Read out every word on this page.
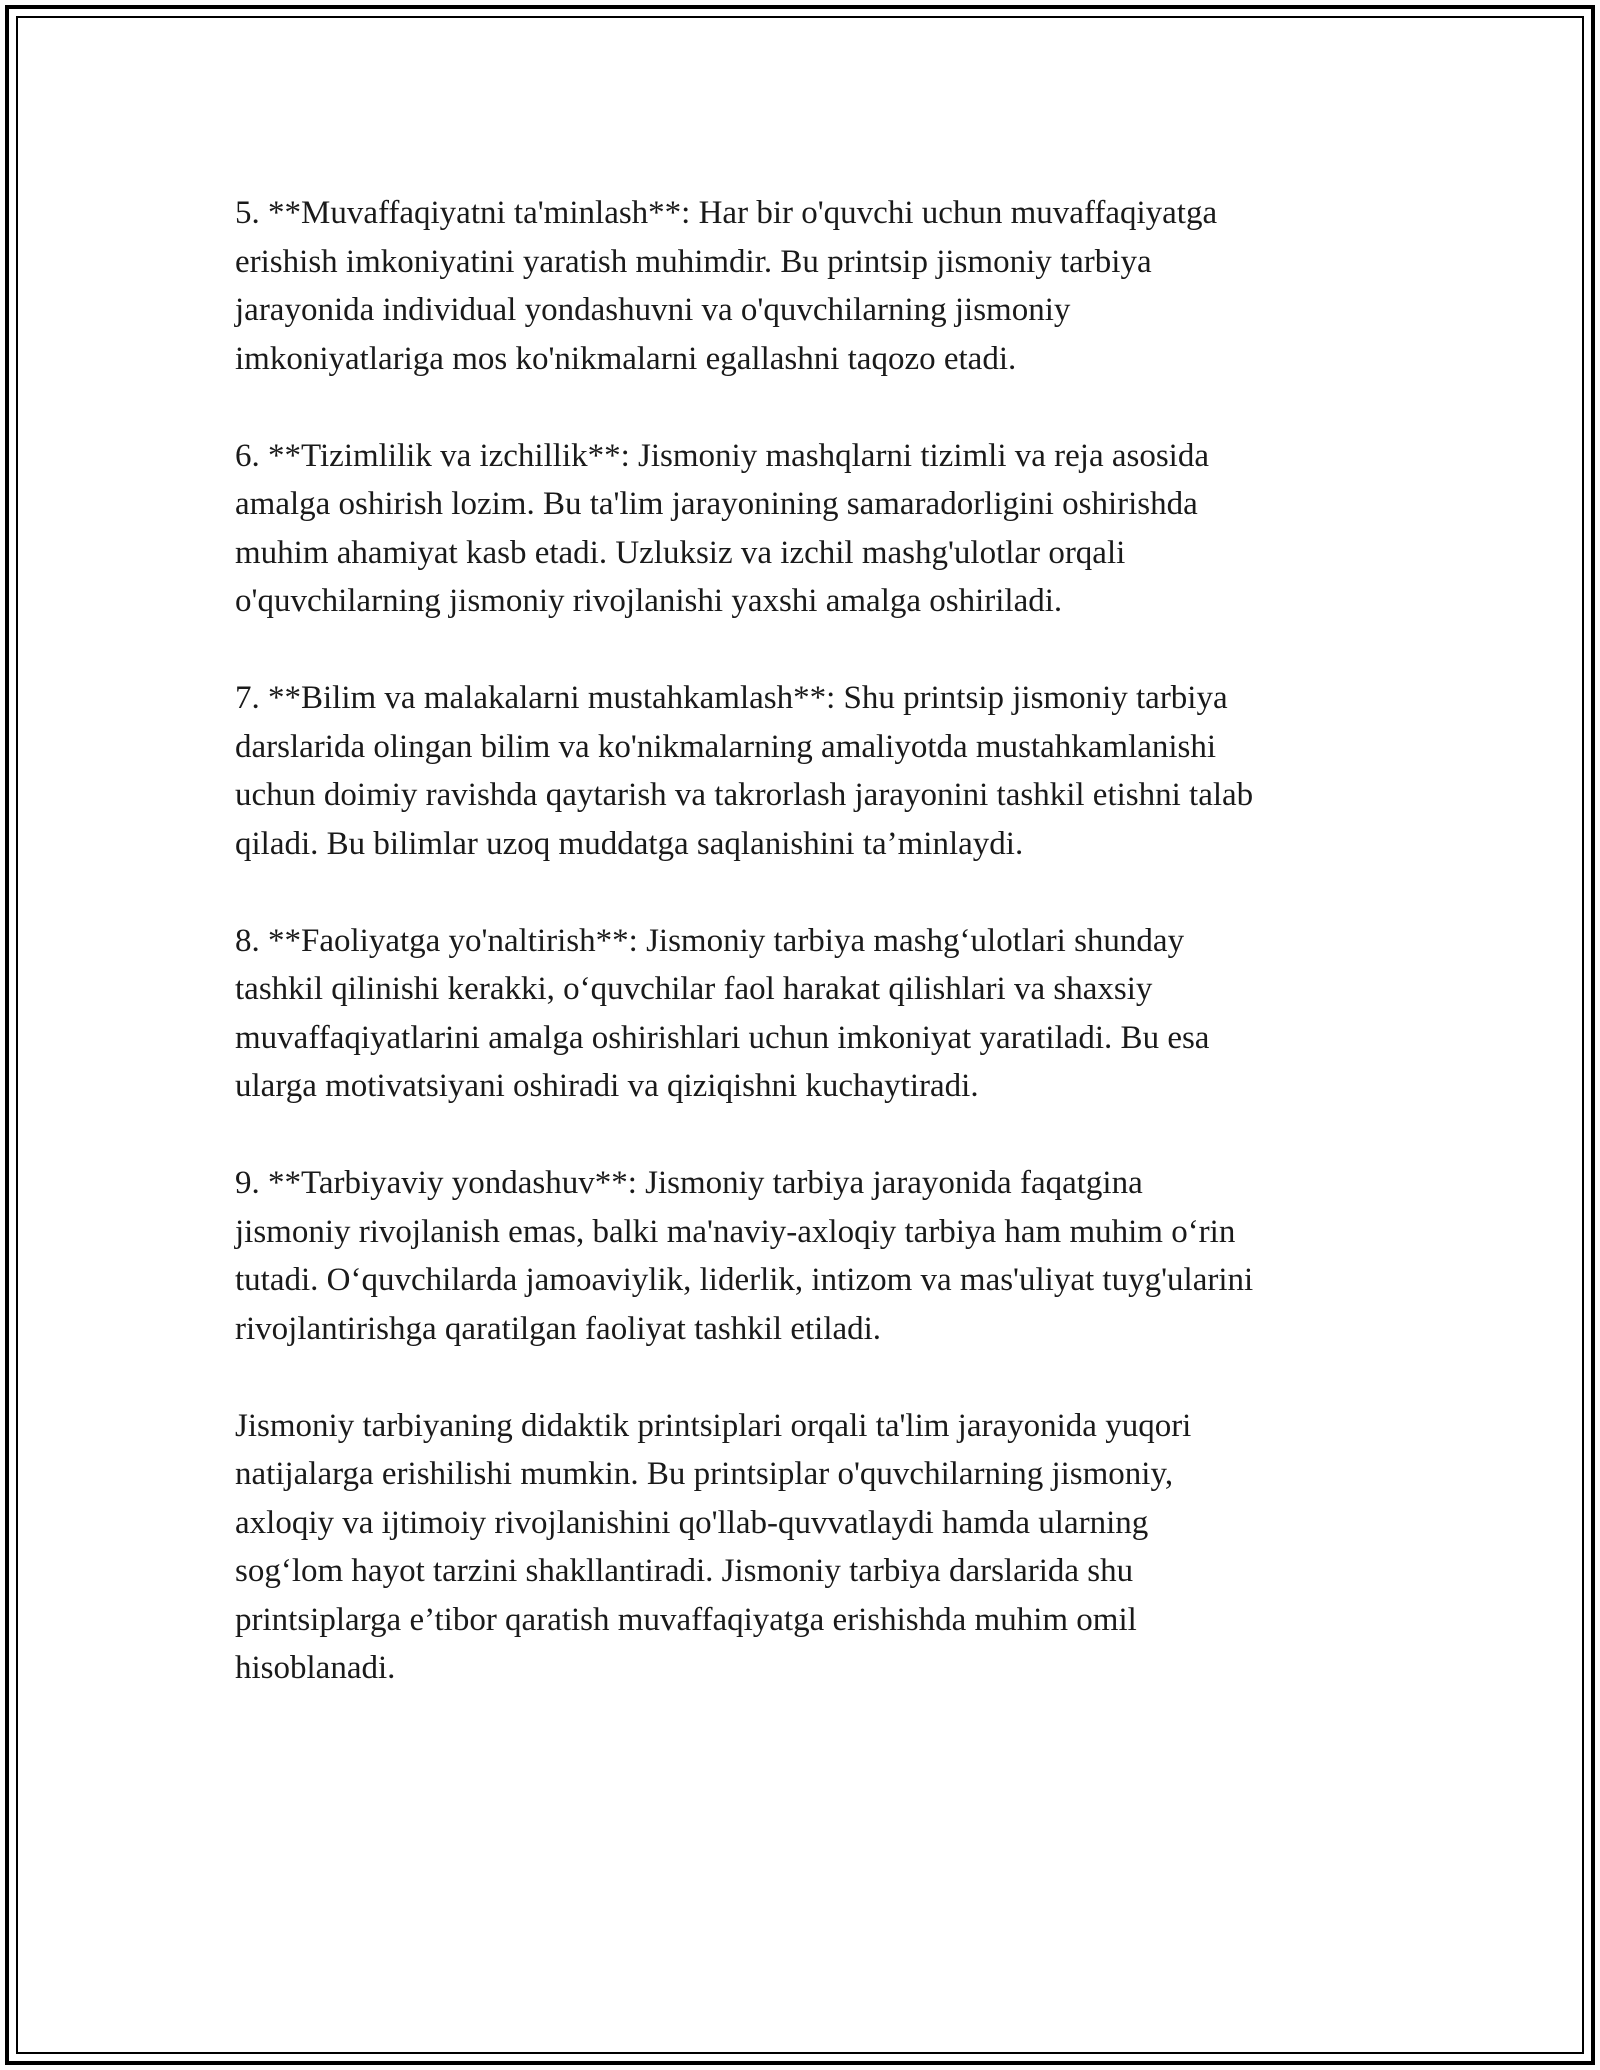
5. **Muvaffaqiyatni ta'minlash**: Har bir o'quvchi uchun muvaffaqiyatga
erishish imkoniyatini yaratish muhimdir. Bu printsip jismoniy tarbiya
jarayonida individual yondashuvni va o'quvchilarning jismoniy
imkoniyatlariga mos ko'nikmalarni egallashni taqozo etadi.

6. **Tizimlilik va izchillik**: Jismoniy mashqlarni tizimli va reja asosida
amalga oshirish lozim. Bu ta'lim jarayonining samaradorligini oshirishda
muhim ahamiyat kasb etadi. Uzluksiz va izchil mashg'ulotlar orqali
o'quvchilarning jismoniy rivojlanishi yaxshi amalga oshiriladi.

7. **Bilim va malakalarni mustahkamlash**: Shu printsip jismoniy tarbiya
darslarida olingan bilim va ko'nikmalarning amaliyotda mustahkamlanishi
uchun doimiy ravishda qaytarish va takrorlash jarayonini tashkil etishni talab
qiladi. Bu bilimlar uzoq muddatga saqlanishini ta’minlaydi.

8. **Faoliyatga yo'naltirish**: Jismoniy tarbiya mashg‘ulotlari shunday
tashkil qilinishi kerakki, o‘quvchilar faol harakat qilishlari va shaxsiy
muvaffaqiyatlarini amalga oshirishlari uchun imkoniyat yaratiladi. Bu esa
ularga motivatsiyani oshiradi va qiziqishni kuchaytiradi.

9. **Tarbiyaviy yondashuv**: Jismoniy tarbiya jarayonida faqatgina
jismoniy rivojlanish emas, balki ma'naviy-axloqiy tarbiya ham muhim o‘rin
tutadi. O‘quvchilarda jamoaviylik, liderlik, intizom va mas'uliyat tuyg'ularini
rivojlantirishga qaratilgan faoliyat tashkil etiladi.

Jismoniy tarbiyaning didaktik printsiplari orqali ta'lim jarayonida yuqori
natijalarga erishilishi mumkin. Bu printsiplar o'quvchilarning jismoniy,
axloqiy va ijtimoiy rivojlanishini qo'llab-quvvatlaydi hamda ularning
sog‘lom hayot tarzini shakllantiradi. Jismoniy tarbiya darslarida shu
printsiplarga e’tibor qaratish muvaffaqiyatga erishishda muhim omil
hisoblanadi.
